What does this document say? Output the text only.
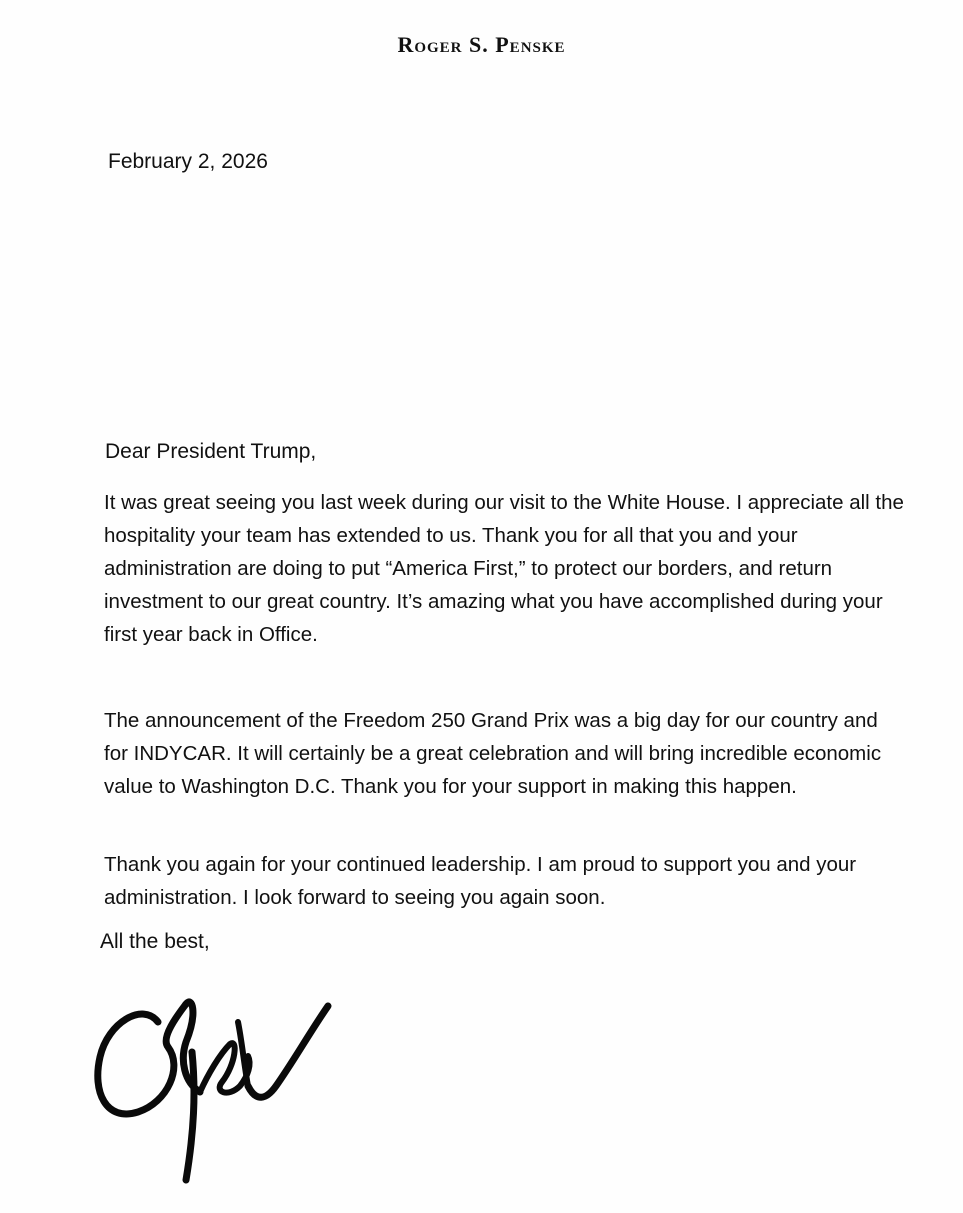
Roger S. Penske
February 2, 2026
Dear President Trump,

It was great seeing you last week during our visit to the White House. I appreciate all the hospitality your team has extended to us. Thank you for all that you and your administration are doing to put “America First,” to protect our borders, and return investment to our great country. It’s amazing what you have accomplished during your first year back in Office.

The announcement of the Freedom 250 Grand Prix was a big day for our country and for INDYCAR. It will certainly be a great celebration and will bring incredible economic value to Washington D.C. Thank you for your support in making this happen.

Thank you again for your continued leadership. I am proud to support you and your administration. I look forward to seeing you again soon.

All the best,
